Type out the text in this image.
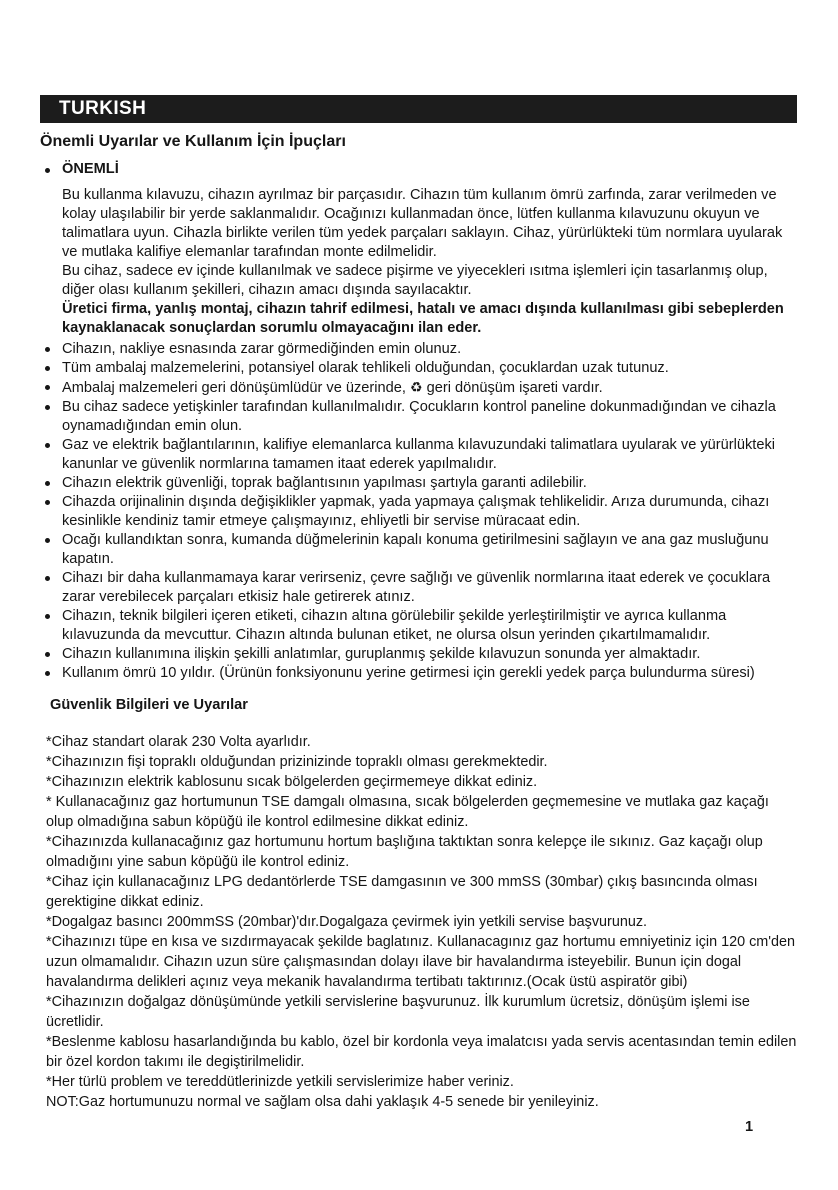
TURKISH
Önemli Uyarılar ve Kullanım İçin İpuçları
ÖNEMLİ
Bu kullanma kılavuzu, cihazın ayrılmaz bir parçasıdır. Cihazın tüm kullanım ömrü zarfında, zarar verilmeden ve kolay ulaşılabilir bir yerde saklanmalıdır. Ocağınızı kullanmadan önce, lütfen kullanma kılavuzunu okuyun ve talimatlara uyun. Cihazla birlikte verilen tüm yedek parçaları saklayın. Cihaz, yürürlükteki tüm normlara uyularak ve mutlaka kalifiye elemanlar tarafından monte edilmelidir.
Bu cihaz, sadece ev içinde kullanılmak ve sadece pişirme ve yiyecekleri ısıtma işlemleri için tasarlanmış olup, diğer olası kullanım şekilleri, cihazın amacı dışında sayılacaktır.
Üretici firma, yanlış montaj, cihazın tahrif edilmesi, hatalı ve amacı dışında kullanılması gibi sebeplerden kaynaklanacak sonuçlardan sorumlu olmayacağını ilan eder.
Cihazın, nakliye esnasında zarar görmediğinden emin olunuz.
Tüm ambalaj malzemelerini, potansiyel olarak tehlikeli olduğundan, çocuklardan uzak tutunuz.
Ambalaj malzemeleri geri dönüşümlüdür ve üzerinde, ♻ geri dönüşüm işareti vardır.
Bu cihaz sadece yetişkinler tarafından kullanılmalıdır. Çocukların kontrol paneline dokunmadığından ve cihazla oynamadığından emin olun.
Gaz ve elektrik bağlantılarının, kalifiye elemanlarca kullanma kılavuzundaki talimatlara uyularak ve yürürlükteki kanunlar ve güvenlik normlarına tamamen itaat ederek yapılmalıdır.
Cihazın elektrik güvenliği, toprak bağlantısının yapılması şartıyla garanti adilebilir.
Cihazda orijinalinin dışında değişiklikler yapmak, yada yapmaya çalışmak tehlikelidir. Arıza durumunda, cihazı kesinlikle kendiniz tamir etmeye çalışmayınız, ehliyetli bir servise müracaat edin.
Ocağı kullandıktan sonra, kumanda düğmelerinin kapalı konuma getirilmesini sağlayın ve ana gaz musluğunu kapatın.
Cihazı bir daha kullanmamaya karar verirseniz, çevre sağlığı ve güvenlik normlarına itaat ederek ve çocuklara zarar verebilecek parçaları etkisiz hale getirerek atınız.
Cihazın, teknik bilgileri içeren etiketi, cihazın altına görülebilir şekilde yerleştirilmiştir ve ayrıca kullanma kılavuzunda da mevcuttur. Cihazın altında bulunan etiket, ne olursa olsun yerinden çıkartılmamalıdır.
Cihazın kullanımına ilişkin şekilli anlatımlar, guruplanmış şekilde kılavuzun sonunda yer almaktadır.
Kullanım ömrü 10 yıldır. (Ürünün fonksiyonunu yerine getirmesi için gerekli yedek parça bulundurma süresi)
Güvenlik Bilgileri ve Uyarılar
*Cihaz standart olarak 230 Volta ayarlıdır.
*Cihazınızın fişi topraklı olduğundan prizinizinde topraklı olması gerekmektedir.
*Cihazınızın elektrik kablosunu sıcak bölgelerden geçirmemeye dikkat ediniz.
* Kullanacağınız gaz hortumunun TSE damgalı olmasına, sıcak bölgelerden geçmemesine ve mutlaka gaz kaçağı olup olmadığına sabun köpüğü ile kontrol edilmesine dikkat ediniz.
*Cihazınızda kullanacağınız gaz hortumunu hortum başlığına taktıktan sonra kelepçe ile sıkınız. Gaz kaçağı olup olmadığını yine sabun köpüğü ile kontrol ediniz.
*Cihaz için kullanacağınız LPG dedantörlerde TSE damgasının ve 300 mmSS (30mbar) çıkış basıncında olması gerektigine dikkat ediniz.
*Dogalgaz basıncı 200mmSS (20mbar)'dır.Dogalgaza çevirmek iyin yetkili servise başvurunuz.
*Cihazınızı tüpe en kısa ve sızdırmayacak şekilde baglatınız. Kullanacagınız gaz hortumu emniyetiniz için 120 cm'den uzun olmamalıdır. Cihazın uzun süre çalışmasından dolayı ilave bir havalandırma isteyebilir. Bunun için dogal havalandırma delikleri açınız veya mekanik havalandırma tertibatı taktırınız.(Ocak üstü aspiratör gibi)
*Cihazınızın doğalgaz dönüşümünde yetkili servislerine başvurunuz. İlk kurumlum ücretsiz, dönüşüm işlemi ise ücretlidir.
*Beslenme kablosu hasarlandığında bu kablo, özel bir kordonla veya imalatcısı yada servis acentasından temin edilen bir özel kordon takımı ile degiştirilmelidir.
*Her türlü problem ve tereddütlerinizde yetkili servislerimize haber veriniz.
NOT:Gaz hortumunuzu normal ve sağlam olsa dahi yaklaşık 4-5 senede bir yenileyiniz.
1
